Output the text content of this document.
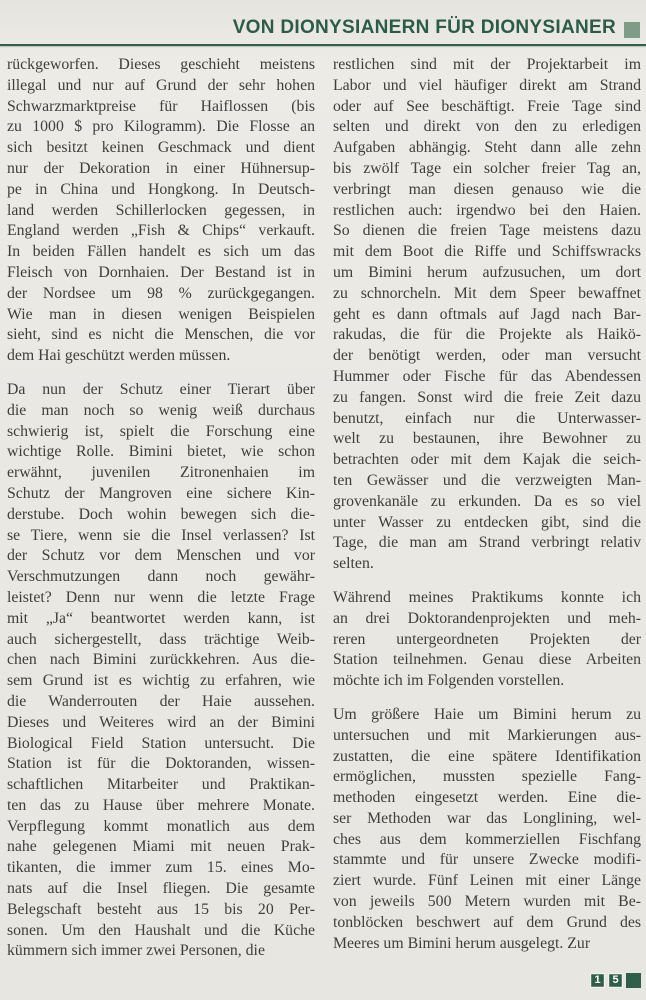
VON DIONYSIANERN FÜR DIONYSIANER
rückgeworfen. Dieses geschieht meistens
illegal und nur auf Grund der sehr hohen
Schwarzmarktpreise für Haiflossen (bis
zu 1000 $ pro Kilogramm). Die Flosse an
sich besitzt keinen Geschmack und dient
nur der Dekoration in einer Hühnersup-
pe in China und Hongkong. In Deutsch-
land werden Schillerlocken gegessen, in
England werden „Fish & Chips“ verkauft.
In beiden Fällen handelt es sich um das
Fleisch von Dornhaien. Der Bestand ist in
der Nordsee um 98 % zurückgegangen.
Wie man in diesen wenigen Beispielen
sieht, sind es nicht die Menschen, die vor
dem Hai geschützt werden müssen.
Da nun der Schutz einer Tierart über
die man noch so wenig weiß durchaus
schwierig ist, spielt die Forschung eine
wichtige Rolle. Bimini bietet, wie schon
erwähnt, juvenilen Zitronenhaien im
Schutz der Mangroven eine sichere Kin-
derstube. Doch wohin bewegen sich die-
se Tiere, wenn sie die Insel verlassen? Ist
der Schutz vor dem Menschen und vor
Verschmutzungen dann noch gewähr-
leistet? Denn nur wenn die letzte Frage
mit „Ja“ beantwortet werden kann, ist
auch sichergestellt, dass trächtige Weib-
chen nach Bimini zurückkehren. Aus die-
sem Grund ist es wichtig zu erfahren, wie
die Wanderrouten der Haie aussehen.
Dieses und Weiteres wird an der Bimini
Biological Field Station untersucht. Die
Station ist für die Doktoranden, wissen-
schaftlichen Mitarbeiter und Praktikan-
ten das zu Hause über mehrere Monate.
Verpflegung kommt monatlich aus dem
nahe gelegenen Miami mit neuen Prak-
tikanten, die immer zum 15. eines Mo-
nats auf die Insel fliegen. Die gesamte
Belegschaft besteht aus 15 bis 20 Per-
sonen. Um den Haushalt und die Küche
kümmern sich immer zwei Personen, die
restlichen sind mit der Projektarbeit im
Labor und viel häufiger direkt am Strand
oder auf See beschäftigt. Freie Tage sind
selten und direkt von den zu erledigen
Aufgaben abhängig. Steht dann alle zehn
bis zwölf Tage ein solcher freier Tag an,
verbringt man diesen genauso wie die
restlichen auch: irgendwo bei den Haien.
So dienen die freien Tage meistens dazu
mit dem Boot die Riffe und Schiffswracks
um Bimini herum aufzusuchen, um dort
zu schnorcheln. Mit dem Speer bewaffnet
geht es dann oftmals auf Jagd nach Bar-
rakudas, die für die Projekte als Haikö-
der benötigt werden, oder man versucht
Hummer oder Fische für das Abendessen
zu fangen. Sonst wird die freie Zeit dazu
benutzt, einfach nur die Unterwasser-
welt zu bestaunen, ihre Bewohner zu
betrachten oder mit dem Kajak die seich-
ten Gewässer und die verzweigten Man-
grovenkanäle zu erkunden. Da es so viel
unter Wasser zu entdecken gibt, sind die
Tage, die man am Strand verbringt relativ
selten.
Während meines Praktikums konnte ich
an drei Doktorandenprojekten und meh-
reren untergeordneten Projekten der
Station teilnehmen. Genau diese Arbeiten
möchte ich im Folgenden vorstellen.
Um größere Haie um Bimini herum zu
untersuchen und mit Markierungen aus-
zustatten, die eine spätere Identifikation
ermöglichen, mussten spezielle Fang-
methoden eingesetzt werden. Eine die-
ser Methoden war das Longlining, wel-
ches aus dem kommerziellen Fischfang
stammte und für unsere Zwecke modifi-
ziert wurde. Fünf Leinen mit einer Länge
von jeweils 500 Metern wurden mit Be-
tonblöcken beschwert auf dem Grund des
Meeres um Bimini herum ausgelegt. Zur
1	5
